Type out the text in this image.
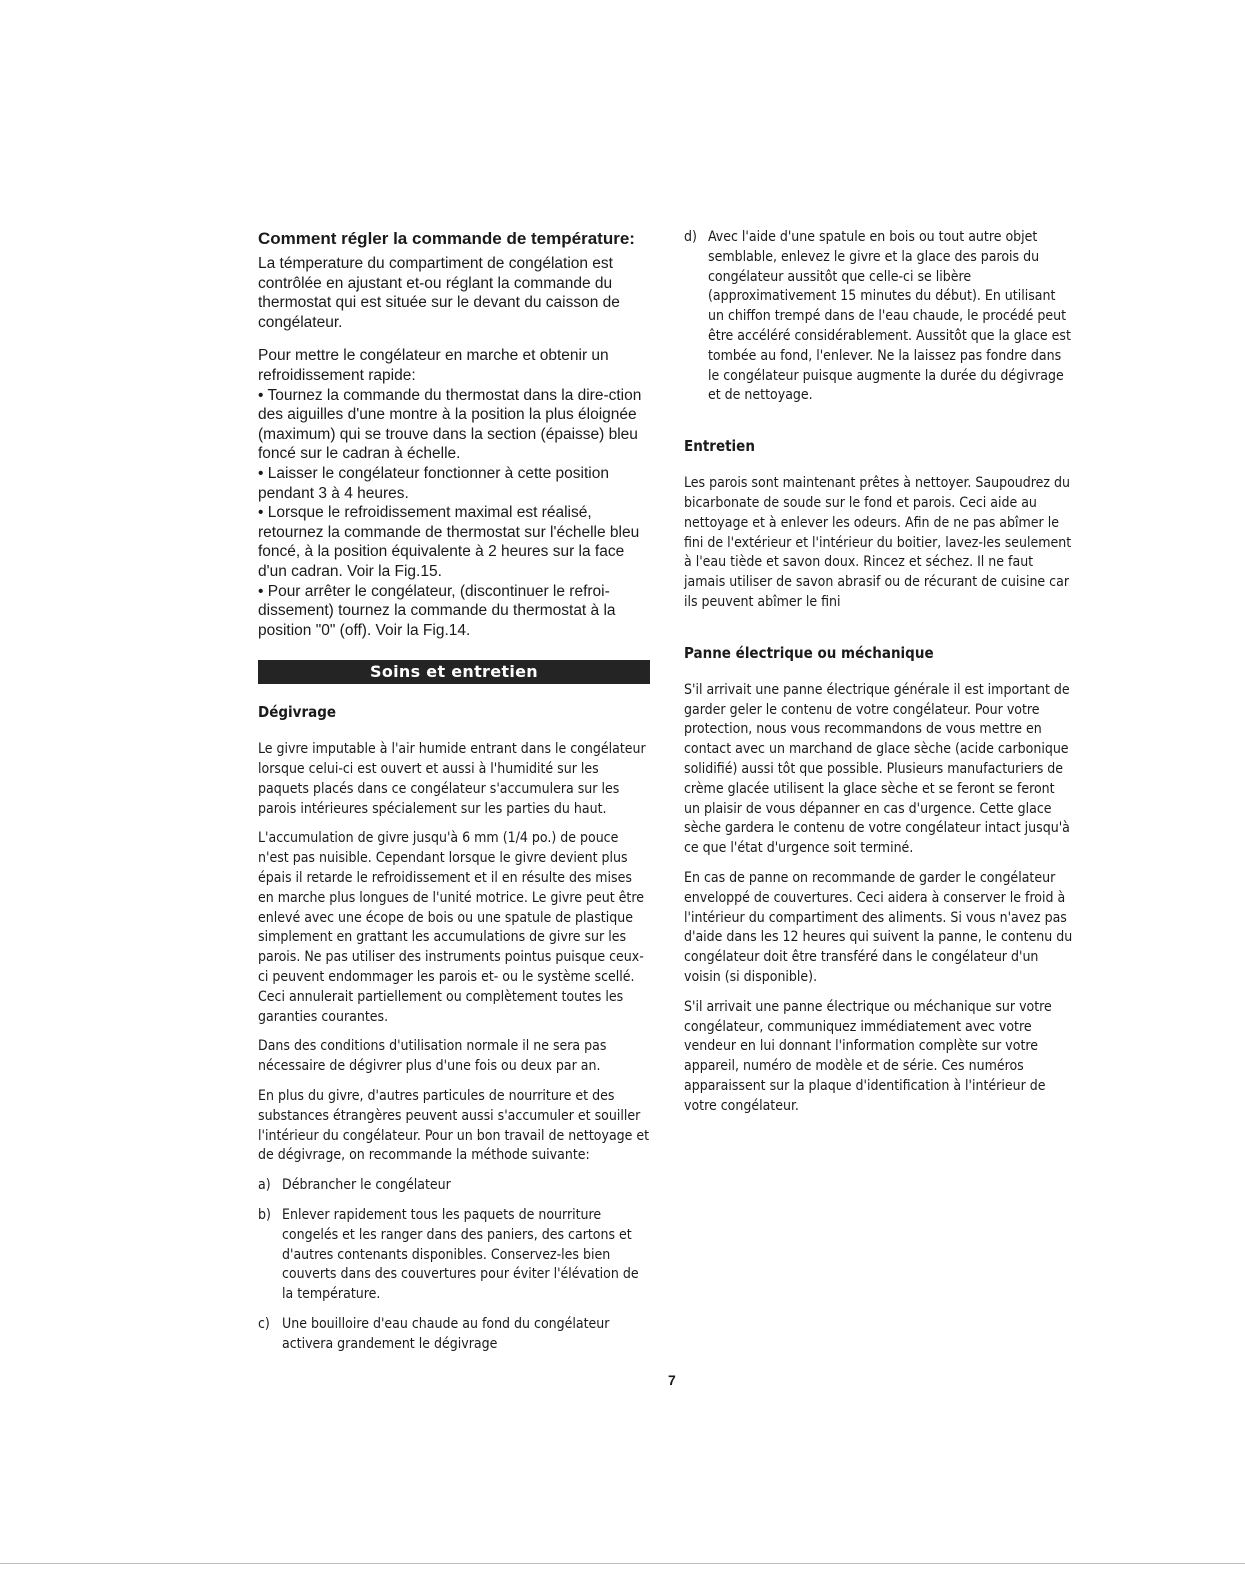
Comment régler la commande de température:

La témperature du compartiment de congélation est contrôlée en ajustant et-ou réglant la commande du thermostat qui est située sur le devant du caisson de congélateur.

Pour mettre le congélateur en marche et obtenir un refroidissement rapide:

• Tournez la commande du thermostat dans la dire-ction des aiguilles d'une montre à la position la plus éloignée (maximum) qui se trouve dans la section (épaisse) bleu foncé sur le cadran à échelle.
• Laisser le congélateur fonctionner à cette position pendant 3 à 4 heures.
• Lorsque le refroidissement maximal est réalisé, retournez la commande de thermostat sur l'échelle bleu foncé, à la position équivalente à 2 heures sur la face d'un cadran. Voir la Fig.15.
• Pour arrêter le congélateur, (discontinuer le refroi-dissement) tournez la commande du thermostat à la position "0" (off). Voir la Fig.14.
Soins et entretien
Dégivrage

Le givre imputable à l'air humide entrant dans le congélateur lorsque celui-ci est ouvert et aussi à l'humidité sur les paquets placés dans ce congélateur s'accumulera sur les parois intérieures spécialement sur les parties du haut.

L'accumulation de givre jusqu'à 6 mm (1/4 po.) de pouce n'est pas nuisible. Cependant lorsque le givre devient plus épais il retarde le refroidissement et il en résulte des mises en marche plus longues de l'unité motrice. Le givre peut être enlevé avec une écope de bois ou une spatule de plastique simplement en grattant les accumulations de givre sur les parois. Ne pas utiliser des instruments pointus puisque ceux-ci peuvent endommager les parois et- ou le système scellé. Ceci annulerait partiellement ou complètement toutes les garanties courantes.

Dans des conditions d'utilisation normale il ne sera pas nécessaire de dégivrer plus d'une fois ou deux par an.

En plus du givre, d'autres particules de nourriture et des substances étrangères peuvent aussi s'accumuler et souiller l'intérieur du congélateur. Pour un bon travail de nettoyage et de dégivrage, on recommande la méthode suivante:

a) Débrancher le congélateur
b) Enlever rapidement tous les paquets de nourriture congelés et les ranger dans des paniers, des cartons et d'autres contenants disponibles. Conservez-les bien couverts dans des couvertures pour éviter l'élévation de la température.
c) Une bouilloire d'eau chaude au fond du congélateur activera grandement le dégivrage
d) Avec l'aide d'une spatule en bois ou tout autre objet semblable, enlevez le givre et la glace des parois du congélateur aussitôt que celle-ci se libère (approximativement 15 minutes du début). En utilisant un chiffon trempé dans de l'eau chaude, le procédé peut être accéléré considérablement. Aussitôt que la glace est tombée au fond, l'enlever. Ne la laissez pas fondre dans le congélateur puisque augmente la durée du dégivrage et de nettoyage.
Entretien

Les parois sont maintenant prêtes à nettoyer. Saupoudrez du bicarbonate de soude sur le fond et parois. Ceci aide au nettoyage et à enlever les odeurs. Afin de ne pas abîmer le fini de l'extérieur et l'intérieur du boitier, lavez-les seulement à l'eau tiède et savon doux. Rincez et séchez. Il ne faut jamais utiliser de savon abrasif ou de récurant de cuisine car ils peuvent abîmer le fini

Panne électrique ou méchanique

S'il arrivait une panne électrique générale il est important de garder geler le contenu de votre congélateur. Pour votre protection, nous vous recommandons de vous mettre en contact avec un marchand de glace sèche (acide carbonique solidifié) aussi tôt que possible. Plusieurs manufacturiers de crème glacée utilisent la glace sèche et se feront se feront un plaisir de vous dépanner en cas d'urgence. Cette glace sèche gardera le contenu de votre congélateur intact jusqu'à ce que l'état d'urgence soit terminé.

En cas de panne on recommande de garder le congélateur enveloppé de couvertures. Ceci aidera à conserver le froid à l'intérieur du compartiment des aliments. Si vous n'avez pas d'aide dans les 12 heures qui suivent la panne, le contenu du congélateur doit être transféré dans le congélateur d'un voisin (si disponible).

S'il arrivait une panne électrique ou méchanique sur votre congélateur, communiquez immédiatement avec votre vendeur en lui donnant l'information complète sur votre appareil, numéro de modèle et de série. Ces numéros apparaissent sur la plaque d'identification à l'intérieur de votre congélateur.

7
